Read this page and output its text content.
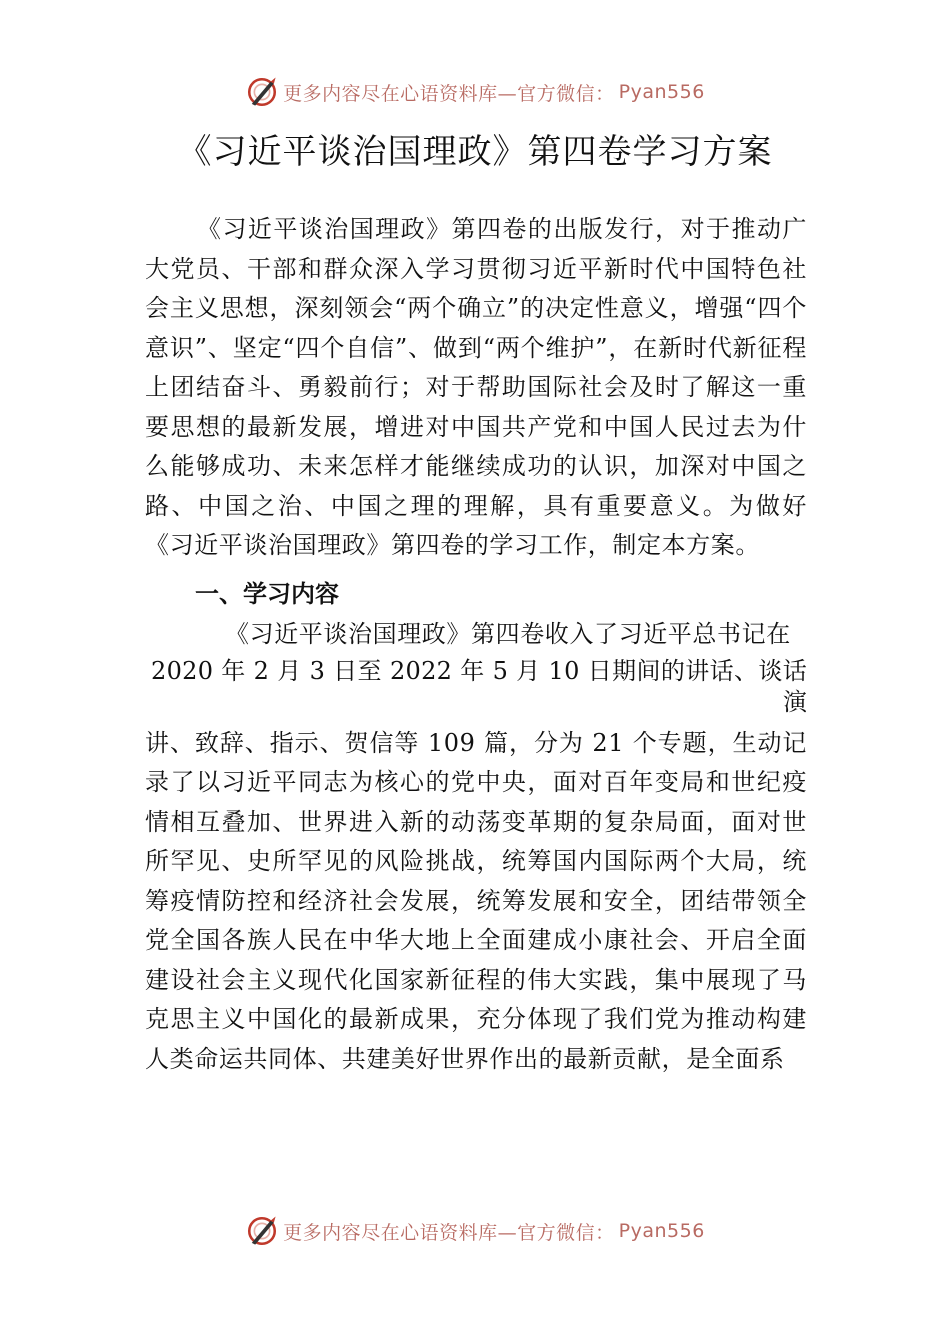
更多内容尽在心语资料库—官方微信： Pyan556
《习近平谈治国理政》第四卷学习方案

《习近平谈治国理政》第四卷的出版发行，对于推动广大党员、干部和群众深入学习贯彻习近平新时代中国特色社会主义思想，深刻领会“两个确立”的决定性意义，增强“四个意识”、坚定“四个自信”、做到“两个维护”，在新时代新征程上团结奋斗、勇毅前行；对于帮助国际社会及时了解这一重要思想的最新发展，增进对中国共产党和中国人民过去为什么能够成功、未来怎样才能继续成功的认识，加深对中国之路、中国之治、中国之理的理解，具有重要意义。为做好《习近平谈治国理政》第四卷的学习工作，制定本方案。

一、学习内容

《习近平谈治国理政》第四卷收入了习近平总书记在

2020 年 2 月 3 日至 2022 年 5 月 10 日期间的讲话、谈话

演

讲、致辞、指示、贺信等 109 篇，分为 21 个专题，生动记录了以习近平同志为核心的党中央，面对百年变局和世纪疫情相互叠加、世界进入新的动荡变革期的复杂局面，面对世所罕见、史所罕见的风险挑战，统筹国内国际两个大局，统筹疫情防控和经济社会发展，统筹发展和安全，团结带领全党全国各族人民在中华大地上全面建成小康社会、开启全面建设社会主义现代化国家新征程的伟大实践，集中展现了马克思主义中国化的最新成果，充分体现了我们党为推动构建人类命运共同体、共建美好世界作出的最新贡献，是全面系

更多内容尽在心语资料库—官方微信： Pyan556
